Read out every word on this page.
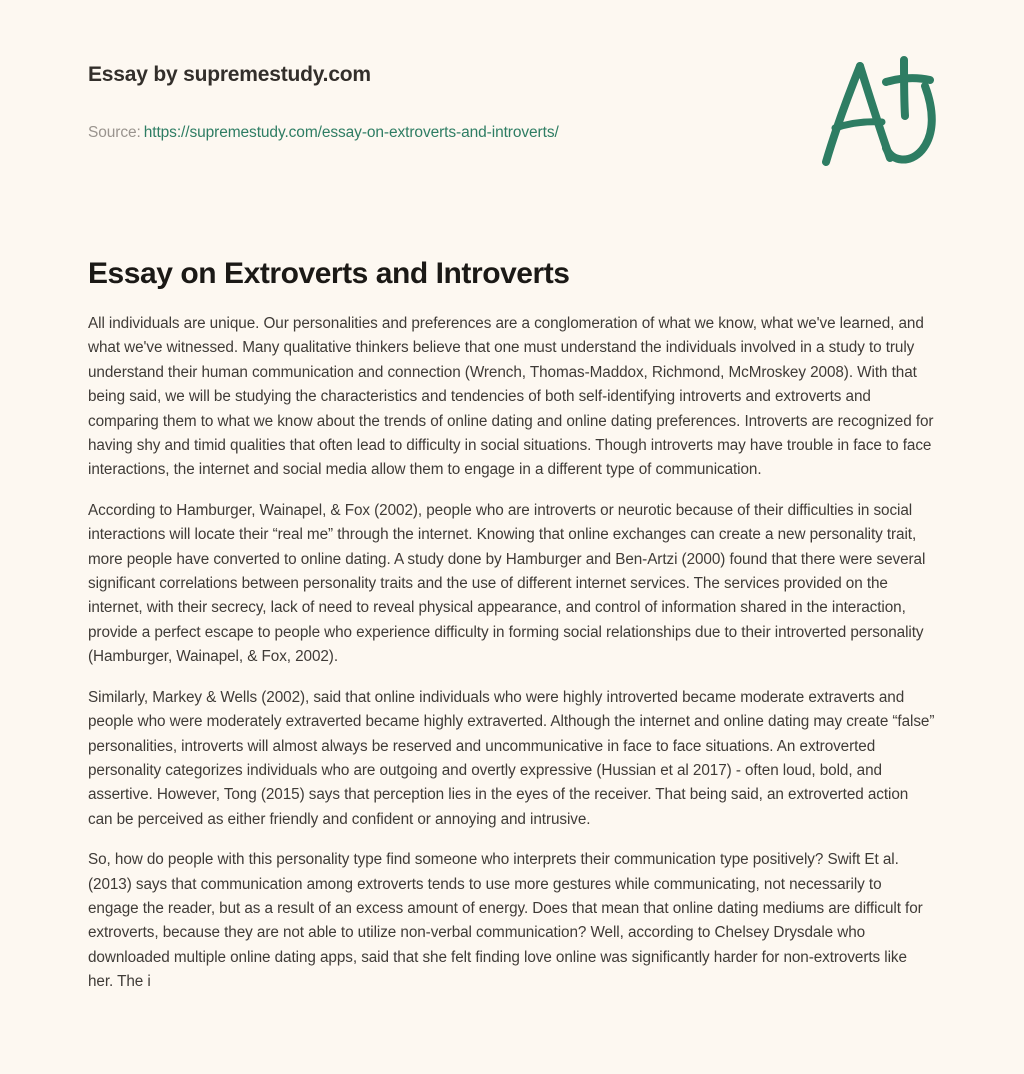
Essay by supremestudy.com

Source: https://supremestudy.com/essay-on-extroverts-and-introverts/

Essay on Extroverts and Introverts

All individuals are unique. Our personalities and preferences are a conglomeration of what we know, what we've learned, and what we've witnessed. Many qualitative thinkers believe that one must understand the individuals involved in a study to truly understand their human communication and connection (Wrench, Thomas-Maddox, Richmond, McMroskey 2008). With that being said, we will be studying the characteristics and tendencies of both self-identifying introverts and extroverts and comparing them to what we know about the trends of online dating and online dating preferences. Introverts are recognized for having shy and timid qualities that often lead to difficulty in social situations. Though introverts may have trouble in face to face interactions, the internet and social media allow them to engage in a different type of communication.

According to Hamburger, Wainapel, & Fox (2002), people who are introverts or neurotic because of their difficulties in social interactions will locate their “real me” through the internet. Knowing that online exchanges can create a new personality trait, more people have converted to online dating. A study done by Hamburger and Ben-Artzi (2000) found that there were several significant correlations between personality traits and the use of different internet services. The services provided on the internet, with their secrecy, lack of need to reveal physical appearance, and control of information shared in the interaction, provide a perfect escape to people who experience difficulty in forming social relationships due to their introverted personality (Hamburger, Wainapel, & Fox, 2002).

Similarly, Markey & Wells (2002), said that online individuals who were highly introverted became moderate extraverts and people who were moderately extraverted became highly extraverted. Although the internet and online dating may create “false” personalities, introverts will almost always be reserved and uncommunicative in face to face situations. An extroverted personality categorizes individuals who are outgoing and overtly expressive (Hussian et al 2017) - often loud, bold, and assertive. However, Tong (2015) says that perception lies in the eyes of the receiver. That being said, an extroverted action can be perceived as either friendly and confident or annoying and intrusive.

So, how do people with this personality type find someone who interprets their communication type positively? Swift Et al. (2013) says that communication among extroverts tends to use more gestures while communicating, not necessarily to engage the reader, but as a result of an excess amount of energy. Does that mean that online dating mediums are difficult for extroverts, because they are not able to utilize non-verbal communication? Well, according to Chelsey Drysdale who downloaded multiple online dating apps, said that she felt finding love online was significantly harder for non-extroverts like her. The i
